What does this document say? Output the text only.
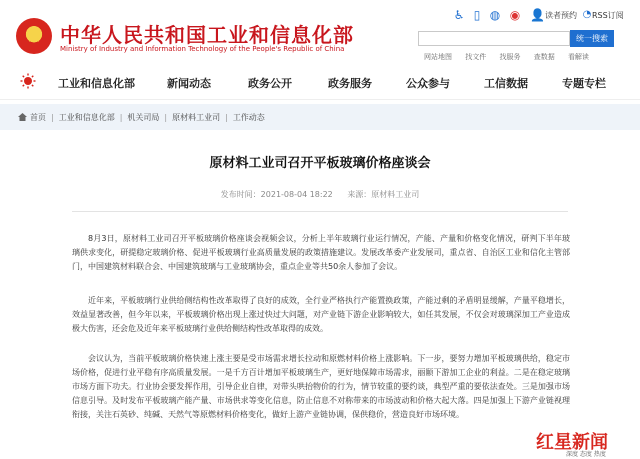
中华人民共和国工业和信息化部
Ministry of Industry and Information Technology of the People's Republic of China
♿ ▯ ◍ ◉ 👤 读者预约 ◔ RSS订阅
统一搜索
网站地图 找文件 找服务 查数据 看解读
工业和信息化部	新闻动态	政务公开	政务服务	公众参与	工信数据	专题专栏
首页 | 工业和信息化部 | 机关司局 | 原材料工业司 | 工作动态
原材料工业司召开平板玻璃价格座谈会
发布时间：2021-08-04 18:22 来源：原材料工业司

8月3日，原材料工业司召开平板玻璃价格座谈会视频会议，分析上半年玻璃行业运行情况，产能、产量和价格变化情况，研判下半年玻璃供求变化，研提稳定玻璃价格、促进平板玻璃行业高质量发展的政策措施建议。发展改革委产业发展司，重点省、自治区工业和信化主管部门，中国建筑材料联合会、中国建筑玻璃与工业玻璃协会，重点企业等共50余人参加了会议。

近年来，平板玻璃行业供给侧结构性改革取得了良好的成效，全行业严格执行产能置换政策，产能过剩的矛盾明显缓解，产量平稳增长，效益显著改善，但今年以来，平板玻璃价格出现上涨过快过大问题，对产业链下游企业影响较大，如任其发展，不仅会对玻璃深加工产业造成极大伤害，还会危及近年来平板玻璃行业供给侧结构性改革取得的成效。

会议认为，当前平板玻璃价格快速上涨主要是受市场需求增长拉动和原燃材料价格上涨影响。下一步，要努力增加平板玻璃供给，稳定市场价格，促进行业平稳有序高质量发展。一是千方百计增加平板玻璃生产，更好地保障市场需求，丽颐下游加工企业的利益。二是在稳定玻璃市场方面下功夫。行业协会要发挥作用，引导企业自律，对带头哄抬物价的行为，情节较重的要约谈，典型严重的要依法查处。三是加强市场信息引导。及时发布平板玻璃产能产量、市场供求等变化信息，防止信息不对称带来的市场波动和价格大起大落。四是加强上下游产业链视理衔接，关注石英砂、纯碱、天然气等原燃材料价格变化，做好上游产业链协调，保供稳价，营造良好市场环境。

红星新闻
深度 态度 热度
